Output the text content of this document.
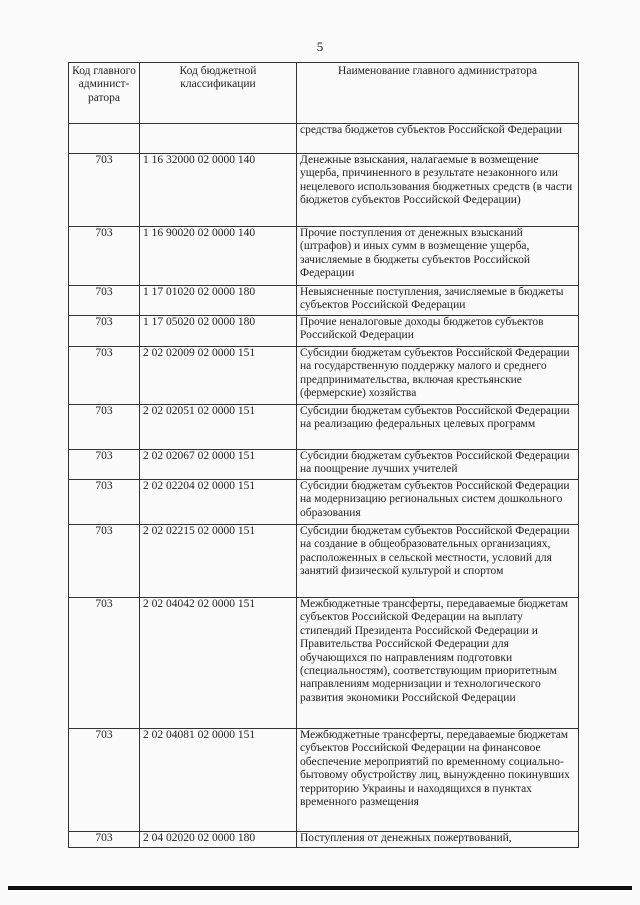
5
Код главного админист-ратора	Код бюджетной классификации	Наименование главного администратора
		средства бюджетов субъектов Российской Федерации
703	1 16 32000 02 0000 140	Денежные взыскания, налагаемые в возмещение ущерба, причиненного в результате незаконного или нецелевого использования бюджетных средств (в части бюджетов субъектов Российской Федерации)
703	1 16 90020 02 0000 140	Прочие поступления от денежных взысканий (штрафов) и иных сумм в возмещение ущерба, зачисляемые в бюджеты субъектов Российской Федерации
703	1 17 01020 02 0000 180	Невыясненные поступления, зачисляемые в бюджеты субъектов Российской Федерации
703	1 17 05020 02 0000 180	Прочие неналоговые доходы бюджетов субъектов Российской Федерации
703	2 02 02009 02 0000 151	Субсидии бюджетам субъектов Российской Федерации на государственную поддержку малого и среднего предпринимательства, включая крестьянские (фермерские) хозяйства
703	2 02 02051 02 0000 151	Субсидии бюджетам субъектов Российской Федерации на реализацию федеральных целевых программ
703	2 02 02067 02 0000 151	Субсидии бюджетам субъектов Российской Федерации на поощрение лучших учителей
703	2 02 02204 02 0000 151	Субсидии бюджетам субъектов Российской Федерации на модернизацию региональных систем дошкольного образования
703	2 02 02215 02 0000 151	Субсидии бюджетам субъектов Российской Федерации на создание в общеобразовательных организациях, расположенных в сельской местности, условий для занятий физической культурой и спортом
703	2 02 04042 02 0000 151	Межбюджетные трансферты, передаваемые бюджетам субъектов Российской Федерации на выплату стипендий Президента Российской Федерации и Правительства Российской Федерации для обучающихся по направлениям подготовки (специальностям), соответствующим приоритетным направлениям модернизации и технологического развития экономики Российской Федерации
703	2 02 04081 02 0000 151	Межбюджетные трансферты, передаваемые бюджетам субъектов Российской Федерации на финансовое обеспечение мероприятий по временному социально-бытовому обустройству лиц, вынужденно покинувших территорию Украины и находящихся в пунктах временного размещения
703	2 04 02020 02 0000 180	Поступления от денежных пожертвований,
